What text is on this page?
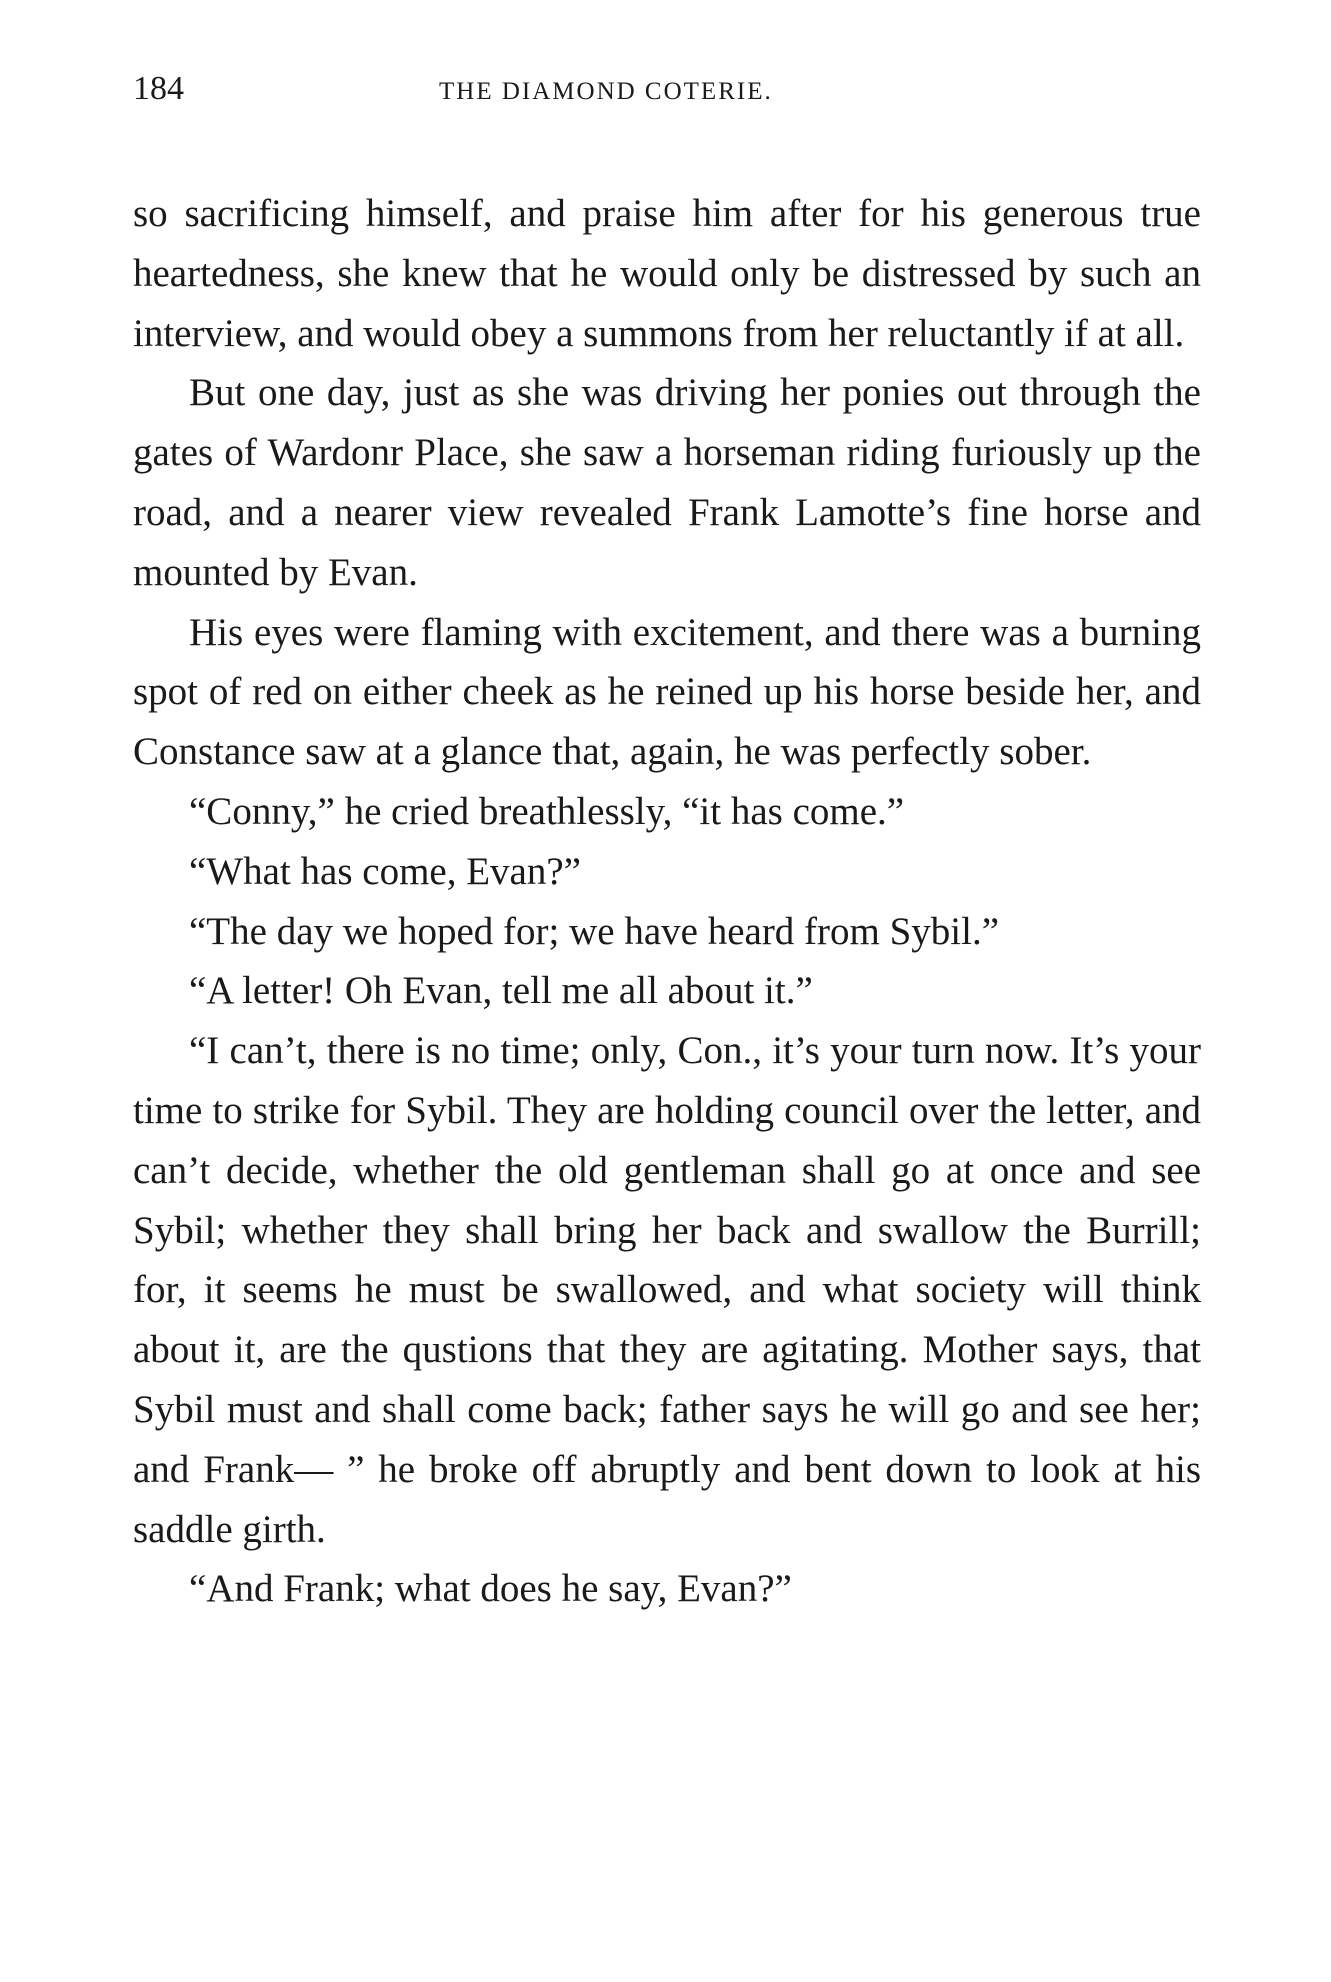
184	THE DIAMOND COTERIE.

so sacrificing himself, and praise him after for his generous true heartedness, she knew that he would only be distressed by such an interview, and would obey a summons from her reluctantly if at all.

But one day, just as she was driving her ponies out through the gates of Wardonr Place, she saw a horseman riding furiously up the road, and a nearer view revealed Frank Lamotte’s fine horse and mounted by Evan.

His eyes were flaming with excitement, and there was a burning spot of red on either cheek as he reined up his horse beside her, and Constance saw at a glance that, again, he was perfectly sober.

“Conny,” he cried breathlessly, “it has come.”

“What has come, Evan?”

“The day we hoped for; we have heard from Sybil.”

“A letter! Oh Evan, tell me all about it.”

“I can’t, there is no time; only, Con., it’s your turn now. It’s your time to strike for Sybil. They are holding council over the letter, and can’t decide, whether the old gentleman shall go at once and see Sybil; whether they shall bring her back and swallow the Burrill; for, it seems he must be swallowed, and what society will think about it, are the qustions that they are agitating. Mother says, that Sybil must and shall come back; father says he will go and see her; and Frank— ” he broke off abruptly and bent down to look at his saddle girth.

“And Frank; what does he say, Evan?”
